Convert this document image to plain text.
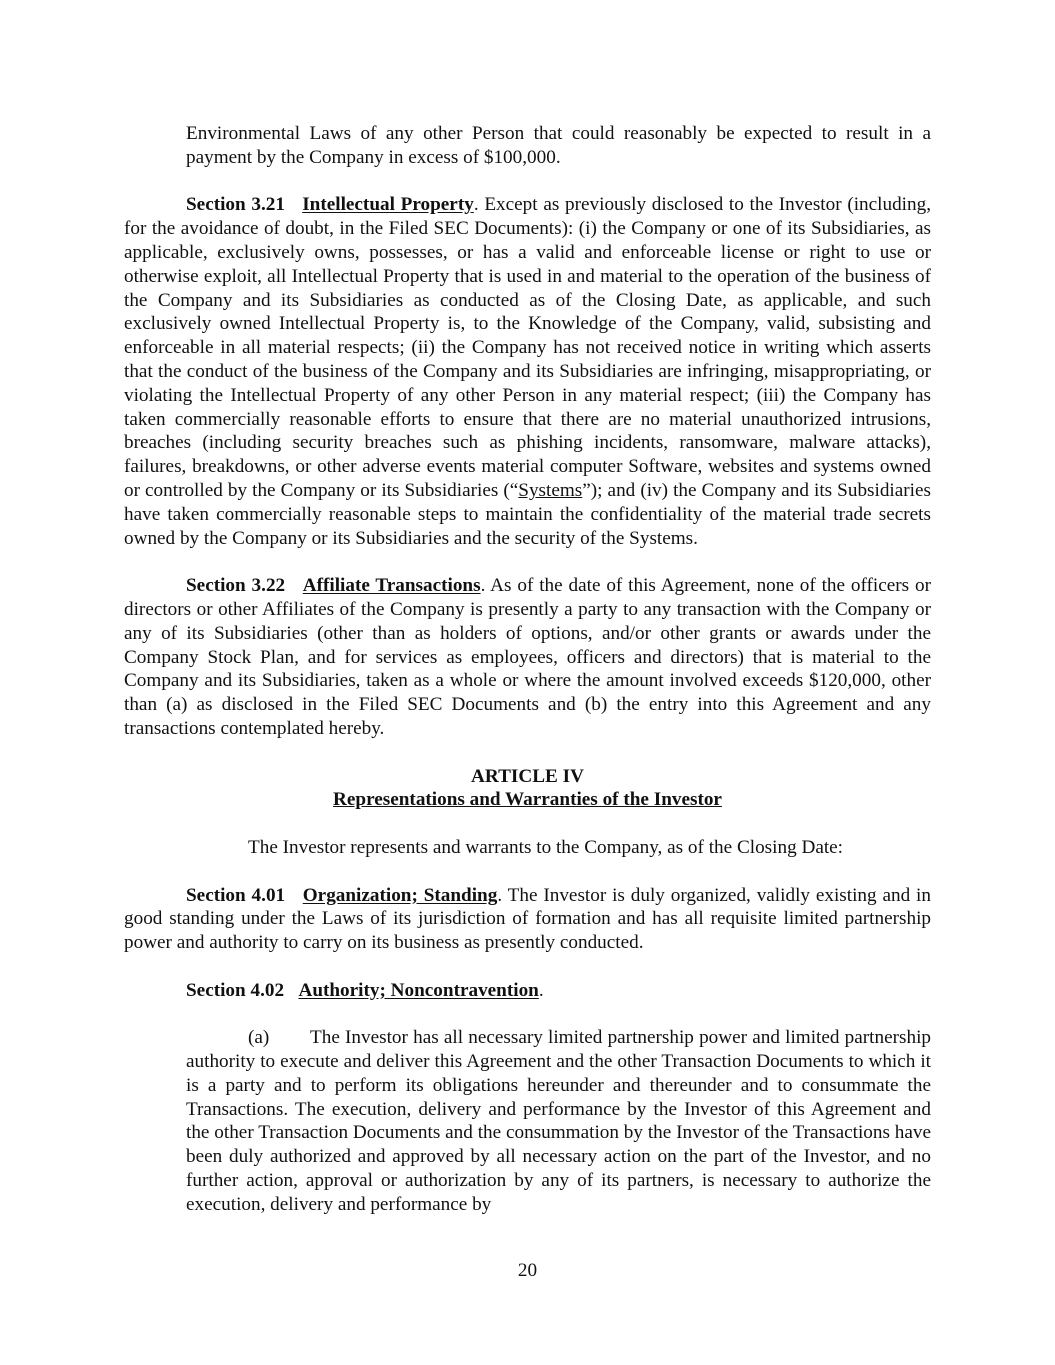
Environmental Laws of any other Person that could reasonably be expected to result in a payment by the Company in excess of $100,000.

Section 3.21 Intellectual Property. Except as previously disclosed to the Investor (including, for the avoidance of doubt, in the Filed SEC Documents): (i) the Company or one of its Subsidiaries, as applicable, exclusively owns, possesses, or has a valid and enforceable license or right to use or otherwise exploit, all Intellectual Property that is used in and material to the operation of the business of the Company and its Subsidiaries as conducted as of the Closing Date, as applicable, and such exclusively owned Intellectual Property is, to the Knowledge of the Company, valid, subsisting and enforceable in all material respects; (ii) the Company has not received notice in writing which asserts that the conduct of the business of the Company and its Subsidiaries are infringing, misappropriating, or violating the Intellectual Property of any other Person in any material respect; (iii) the Company has taken commercially reasonable efforts to ensure that there are no material unauthorized intrusions, breaches (including security breaches such as phishing incidents, ransomware, malware attacks), failures, breakdowns, or other adverse events material computer Software, websites and systems owned or controlled by the Company or its Subsidiaries (“Systems”); and (iv) the Company and its Subsidiaries have taken commercially reasonable steps to maintain the confidentiality of the material trade secrets owned by the Company or its Subsidiaries and the security of the Systems.

Section 3.22 Affiliate Transactions. As of the date of this Agreement, none of the officers or directors or other Affiliates of the Company is presently a party to any transaction with the Company or any of its Subsidiaries (other than as holders of options, and/or other grants or awards under the Company Stock Plan, and for services as employees, officers and directors) that is material to the Company and its Subsidiaries, taken as a whole or where the amount involved exceeds $120,000, other than (a) as disclosed in the Filed SEC Documents and (b) the entry into this Agreement and any transactions contemplated hereby.

ARTICLE IV

Representations and Warranties of the Investor

The Investor represents and warrants to the Company, as of the Closing Date:

Section 4.01 Organization; Standing. The Investor is duly organized, validly existing and in good standing under the Laws of its jurisdiction of formation and has all requisite limited partnership power and authority to carry on its business as presently conducted.

Section 4.02 Authority; Noncontravention.

(a) The Investor has all necessary limited partnership power and limited partnership authority to execute and deliver this Agreement and the other Transaction Documents to which it is a party and to perform its obligations hereunder and thereunder and to consummate the Transactions. The execution, delivery and performance by the Investor of this Agreement and the other Transaction Documents and the consummation by the Investor of the Transactions have been duly authorized and approved by all necessary action on the part of the Investor, and no further action, approval or authorization by any of its partners, is necessary to authorize the execution, delivery and performance by

20
